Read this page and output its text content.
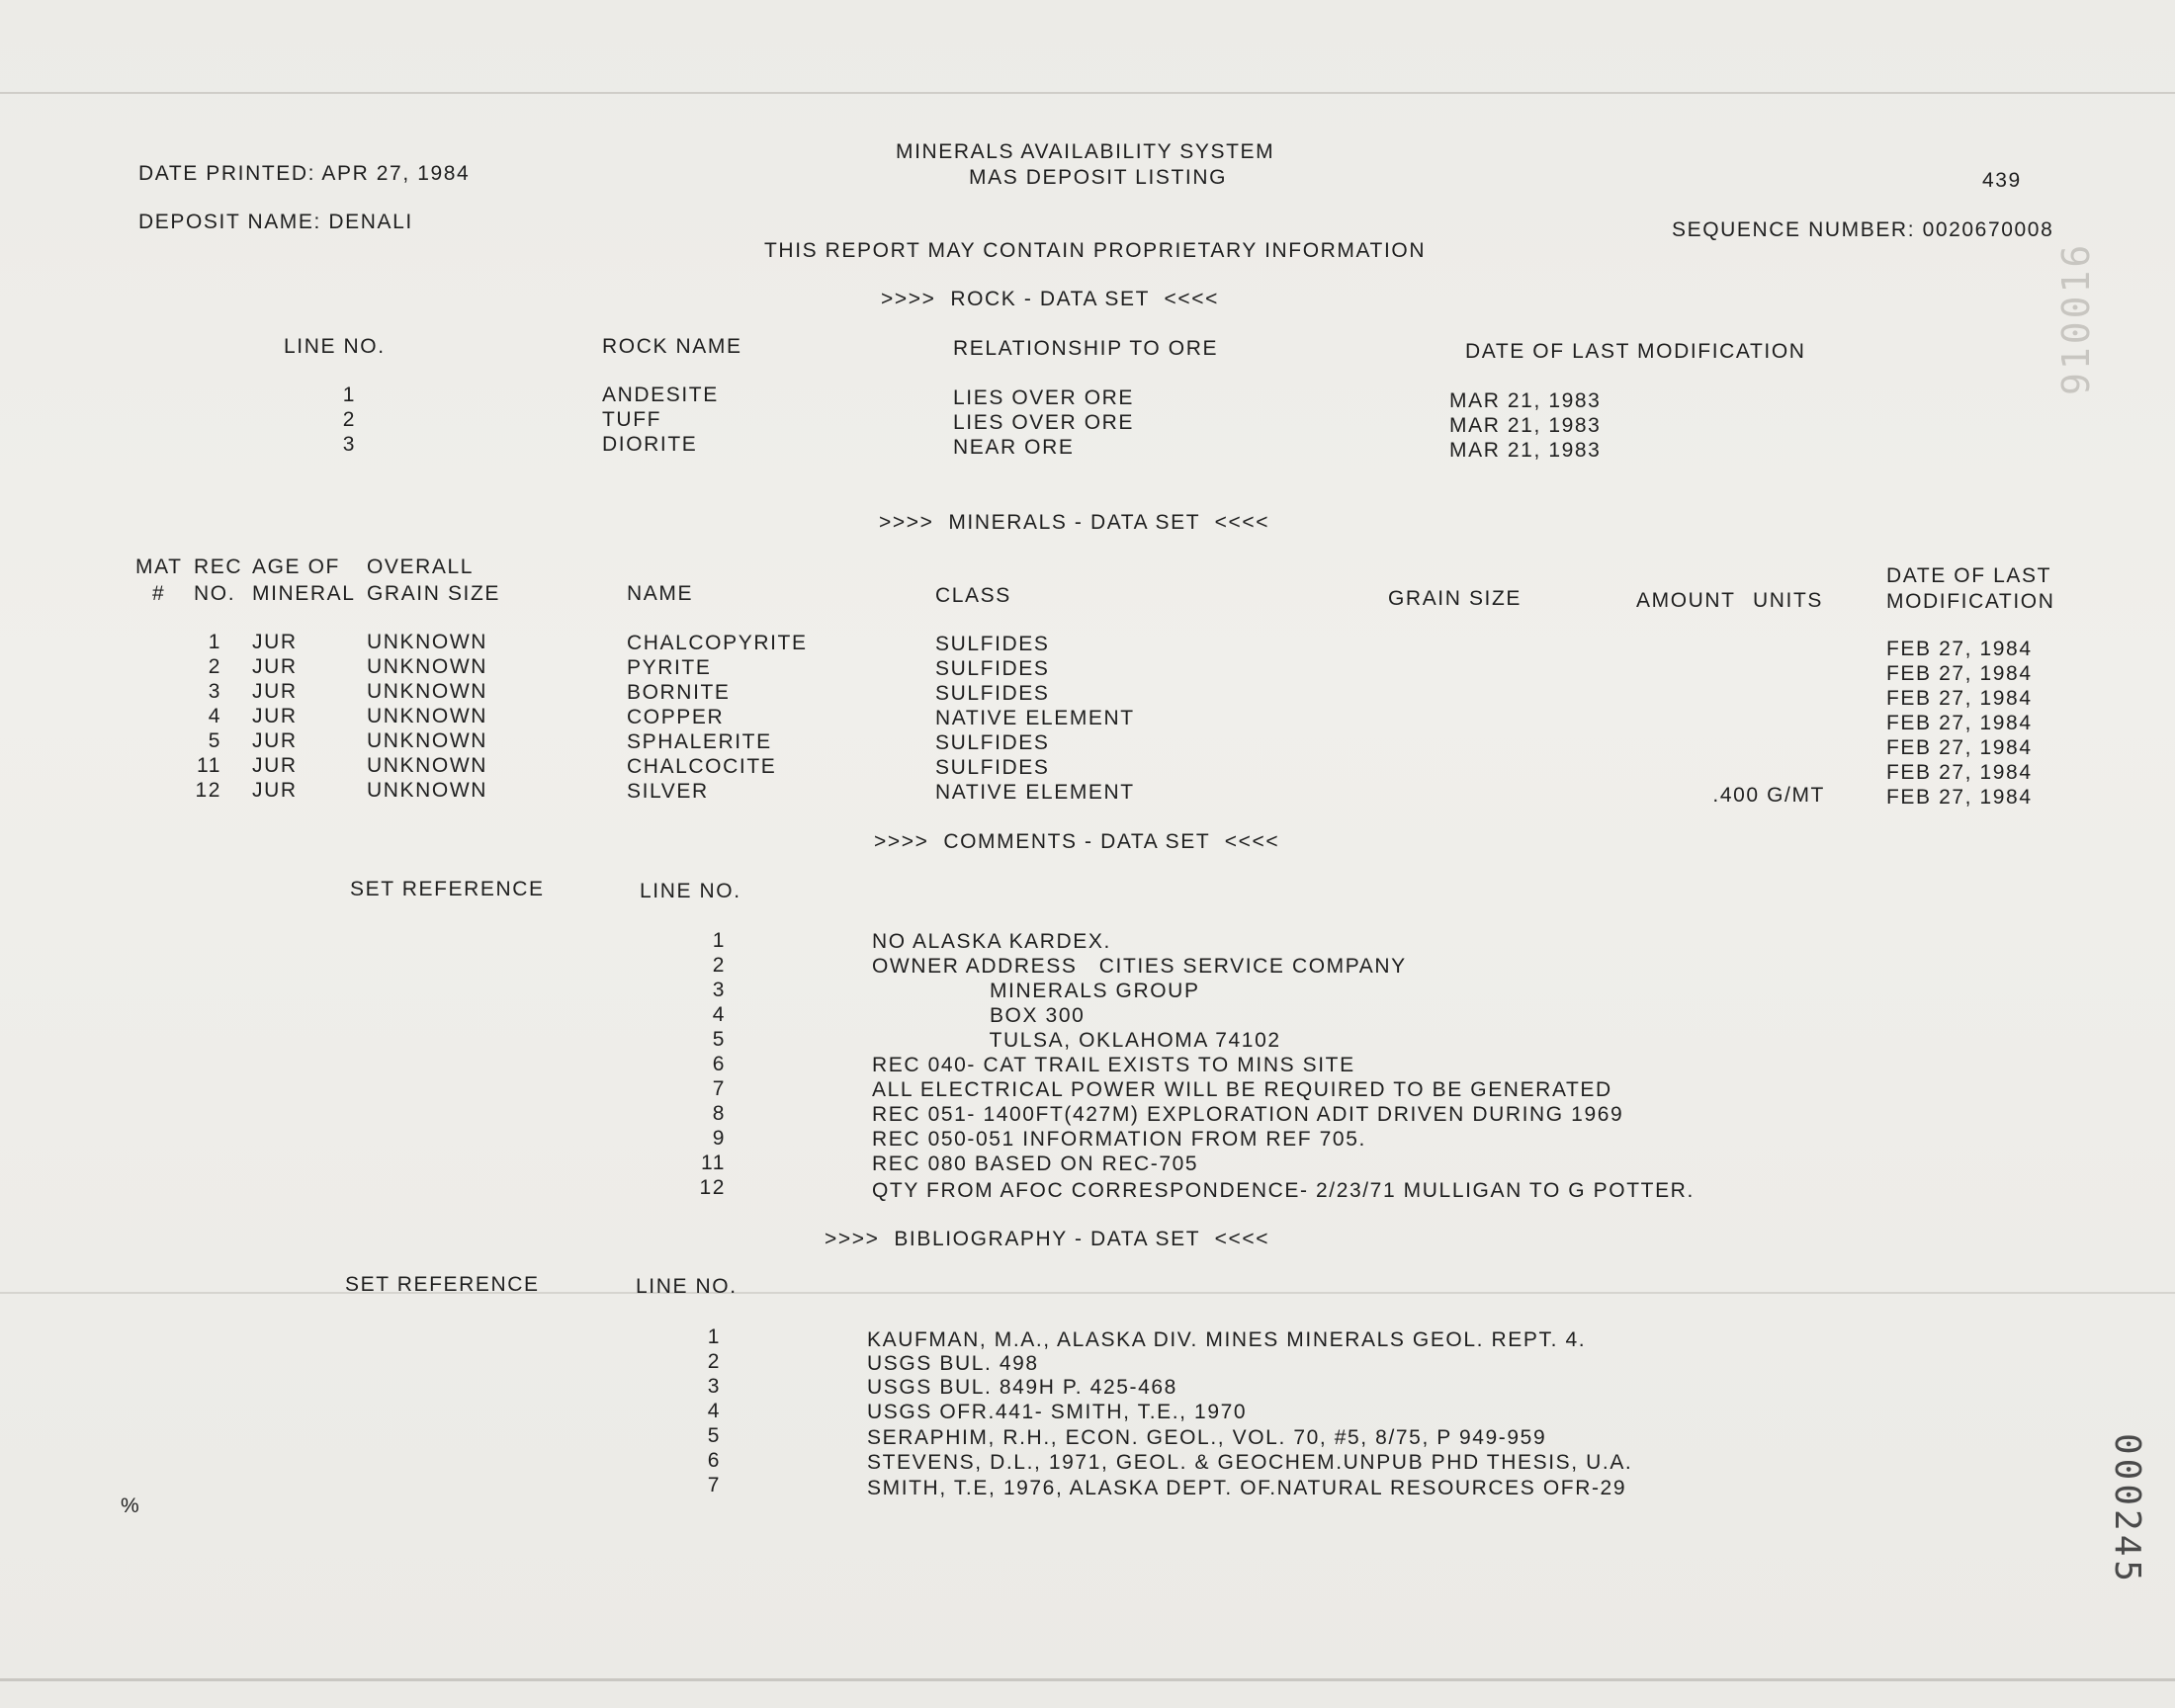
910016
DATE PRINTED: APR 27, 1984
MINERALS AVAILABILITY SYSTEM
MAS DEPOSIT LISTING	439
DEPOSIT NAME: DENALI	SEQUENCE NUMBER: 0020670008
THIS REPORT MAY CONTAIN PROPRIETARY INFORMATION
>>>>  ROCK - DATA SET  <<<<
LINE NO.	ROCK NAME	RELATIONSHIP TO ORE	DATE OF LAST MODIFICATION
1	ANDESITE	LIES OVER ORE	MAR 21, 1983
2	TUFF	LIES OVER ORE	MAR 21, 1983
3	DIORITE	NEAR ORE	MAR 21, 1983
>>>>  MINERALS - DATA SET  <<<<
MAT REC AGE OF OVERALL
# NO. MINERAL GRAIN SIZE	NAME	CLASS	GRAIN SIZE	AMOUNT UNITS
DATE OF LAST
MODIFICATION
1 JUR	UNKNOWN	CHALCOPYRITE	SULFIDES	FEB 27, 1984
2 JUR	UNKNOWN	PYRITE	SULFIDES	FEB 27, 1984
3 JUR	UNKNOWN	BORNITE	SULFIDES	FEB 27, 1984
4 JUR	UNKNOWN	COPPER	NATIVE ELEMENT	FEB 27, 1984
5 JUR	UNKNOWN	SPHALERITE	SULFIDES	FEB 27, 1984
11 JUR	UNKNOWN	CHALCOCITE	SULFIDES	FEB 27, 1984
12 JUR	UNKNOWN	SILVER	NATIVE ELEMENT	.400 G/MT	FEB 27, 1984
>>>>  COMMENTS - DATA SET  <<<<
SET REFERENCE	LINE NO.
1	NO ALASKA KARDEX.
2	OWNER ADDRESS   CITIES SERVICE COMPANY
3	MINERALS GROUP
4	BOX 300
5	TULSA, OKLAHOMA 74102
6	REC 040- CAT TRAIL EXISTS TO MINS SITE
7	ALL ELECTRICAL POWER WILL BE REQUIRED TO BE GENERATED
8	REC 051- 1400FT(427M) EXPLORATION ADIT DRIVEN DURING 1969
9	REC 050-051 INFORMATION FROM REF 705.
11	REC 080 BASED ON REC-705
12	QTY FROM AFOC CORRESPONDENCE- 2/23/71 MULLIGAN TO G POTTER.
>>>>  BIBLIOGRAPHY - DATA SET  <<<<
SET REFERENCE	LINE NO.
1	KAUFMAN, M.A., ALASKA DIV. MINES MINERALS GEOL. REPT. 4.
2	USGS BUL. 498
3	USGS BUL. 849H P. 425-468
4	USGS OFR.441- SMITH, T.E., 1970
5	SERAPHIM, R.H., ECON. GEOL., VOL. 70, #5, 8/75, P 949-959
6	STEVENS, D.L., 1971, GEOL. & GEOCHEM.UNPUB PHD THESIS, U.A.
7	SMITH, T.E, 1976, ALASKA DEPT. OF.NATURAL RESOURCES OFR-29
%	000245
